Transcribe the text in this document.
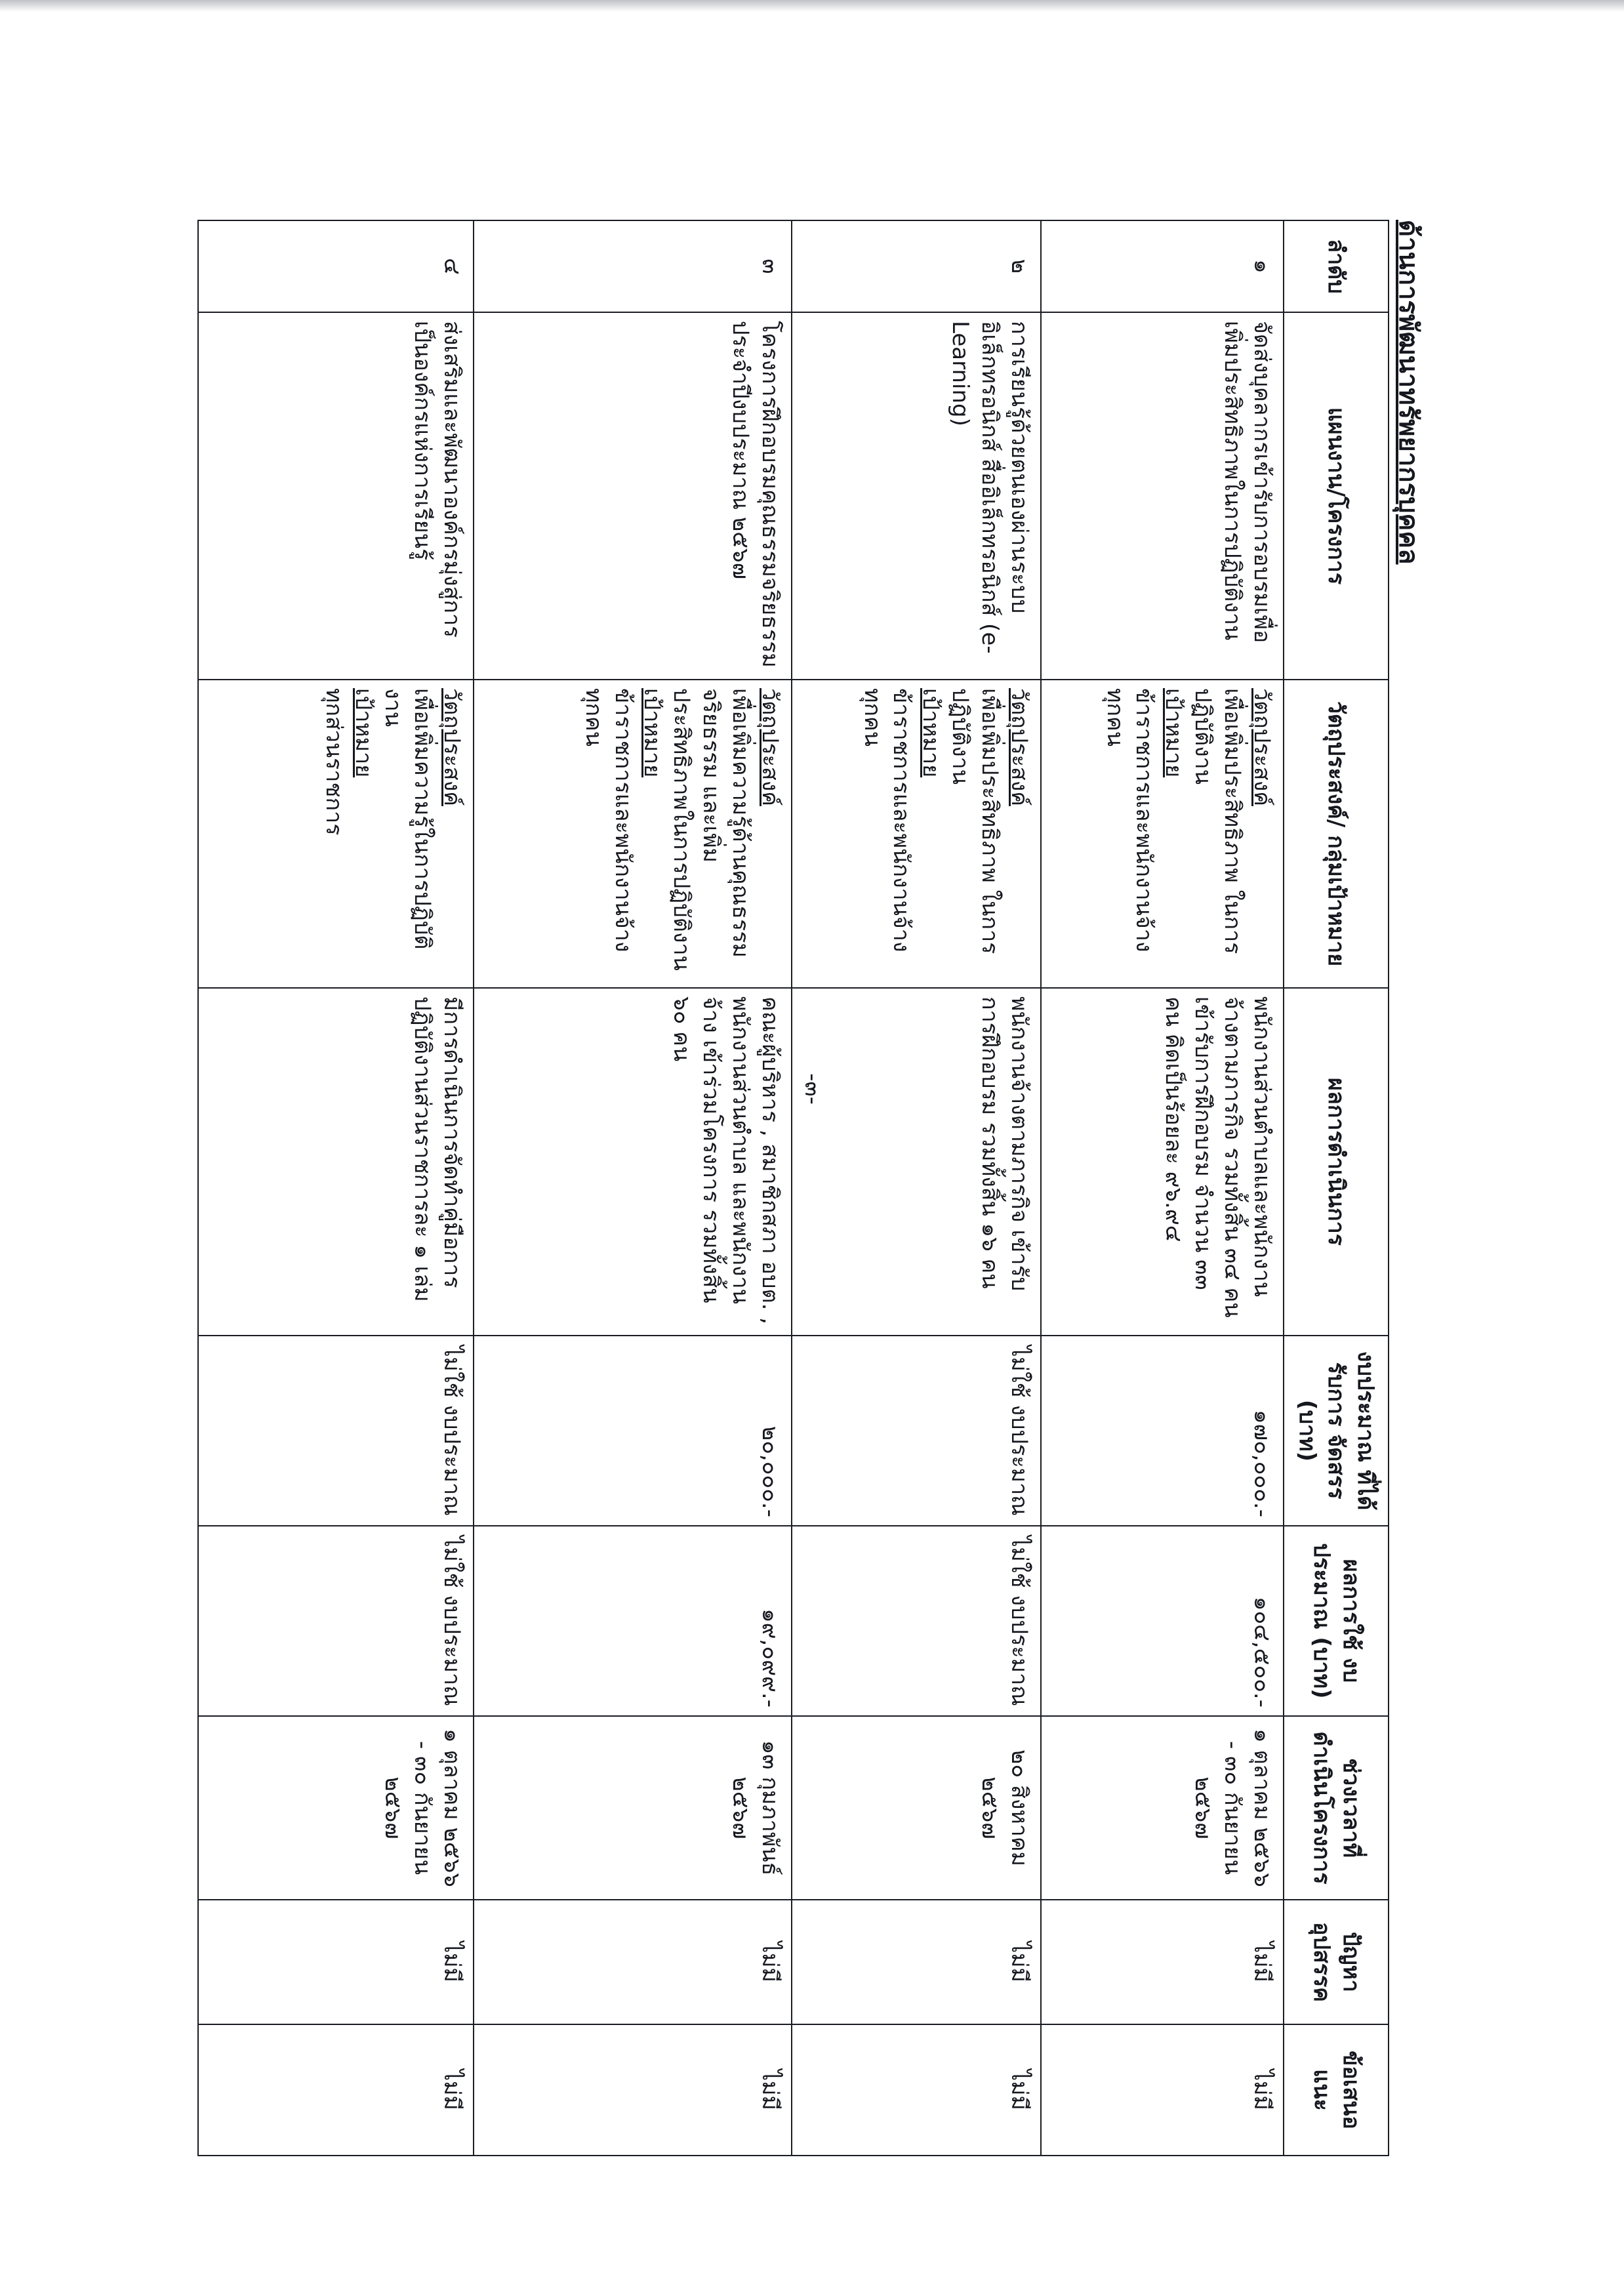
-๓-
ด้านการพัฒนาทรัพยากรบุคคล
ลำดับ	แผนงาน/โครงการ	วัตถุประสงค์/ กลุ่มเป้าหมาย	ผลการดำเนินการ	งบประมาณ ที่ได้รับการ จัดสรร (บาท)	ผลการใช้ งบประมาณ (บาท)	ช่วงเวลาที่ ดำเนินโครงการ	ปัญหา อุปสรรค	ข้อเสนอแนะ
๑	จัดส่งบุคลากรเข้ารับการอบรมเพื่อเพิ่มประสิทธิภาพในการปฏิบัติงาน	วัตถุประสงค์
เพื่อเพิ่มประสิทธิภาพ ในการปฏิบัติงาน
เป้าหมาย
ข้าราชการและพนักงานจ้างทุกคน	พนักงานส่วนตำบลและพนักงานจ้างตามภารกิจ รวมทั้งสิ้น ๓๔ คน เข้ารับการฝึกอบรม จำนวน ๓๓ คน คิดเป็นร้อยละ ๙๖.๙๔	๑๗๐,๐๐๐.-	๑๐๔,๕๐๐.-	๑ ตุลาคม ๒๕๖๖ - ๓๐ กันยายน ๒๕๖๗	ไม่มี	ไม่มี
๒	การเรียนรู้ด้วยตนเองผ่านระบบอิเล็กทรอนิกส์ สื่ออิเล็กทรอนิกส์ (e-Learning)	วัตถุประสงค์
เพื่อเพิ่มประสิทธิภาพ ในการปฏิบัติงาน
เป้าหมาย
ข้าราชการและพนักงานจ้างทุกคน	พนักงานจ้างตามภารกิจ เข้ารับการฝึกอบรม รวมทั้งสิ้น ๑๖ คน	ไม่ใช้ งบประมาณ	ไม่ใช้ งบประมาณ	๒๐ สิงหาคม ๒๕๖๗	ไม่มี	ไม่มี
๓	โครงการฝึกอบรมคุณธรรมจริยธรรม ประจำปีงบประมาณ ๒๕๖๗	วัตถุประสงค์
เพื่อเพิ่มความรู้ด้านคุณธรรม จริยธรรม และเพิ่มประสิทธิภาพในการปฏิบัติงาน
เป้าหมาย
ข้าราชการและพนักงานจ้างทุกคน	คณะผู้บริหาร , สมาชิกสภา อบต. , พนักงานส่วนตำบล และพนักงานจ้าง เข้าร่วมโครงการ รวมทั้งสิ้น ๖๐ คน	๒๐,๐๐๐.-	๑๙,๐๙๙.-	๑๓ กุมภาพันธ์ ๒๕๖๗	ไม่มี	ไม่มี
๔	ส่งเสริมและพัฒนาองค์กรมุ่งสู่การเป็นองค์กรแห่งการเรียนรู้	วัตถุประสงค์
เพื่อเพิ่มความรู้ในการปฏิบัติงาน
เป้าหมาย
ทุกส่วนราชการ	มีการดำเนินการจัดทำคู่มือการปฏิบัติงานส่วนราชการละ ๑ เล่ม	ไม่ใช้ งบประมาณ	ไม่ใช้ งบประมาณ	๑ ตุลาคม ๒๕๖๖ - ๓๐ กันยายน ๒๕๖๗	ไม่มี	ไม่มี
